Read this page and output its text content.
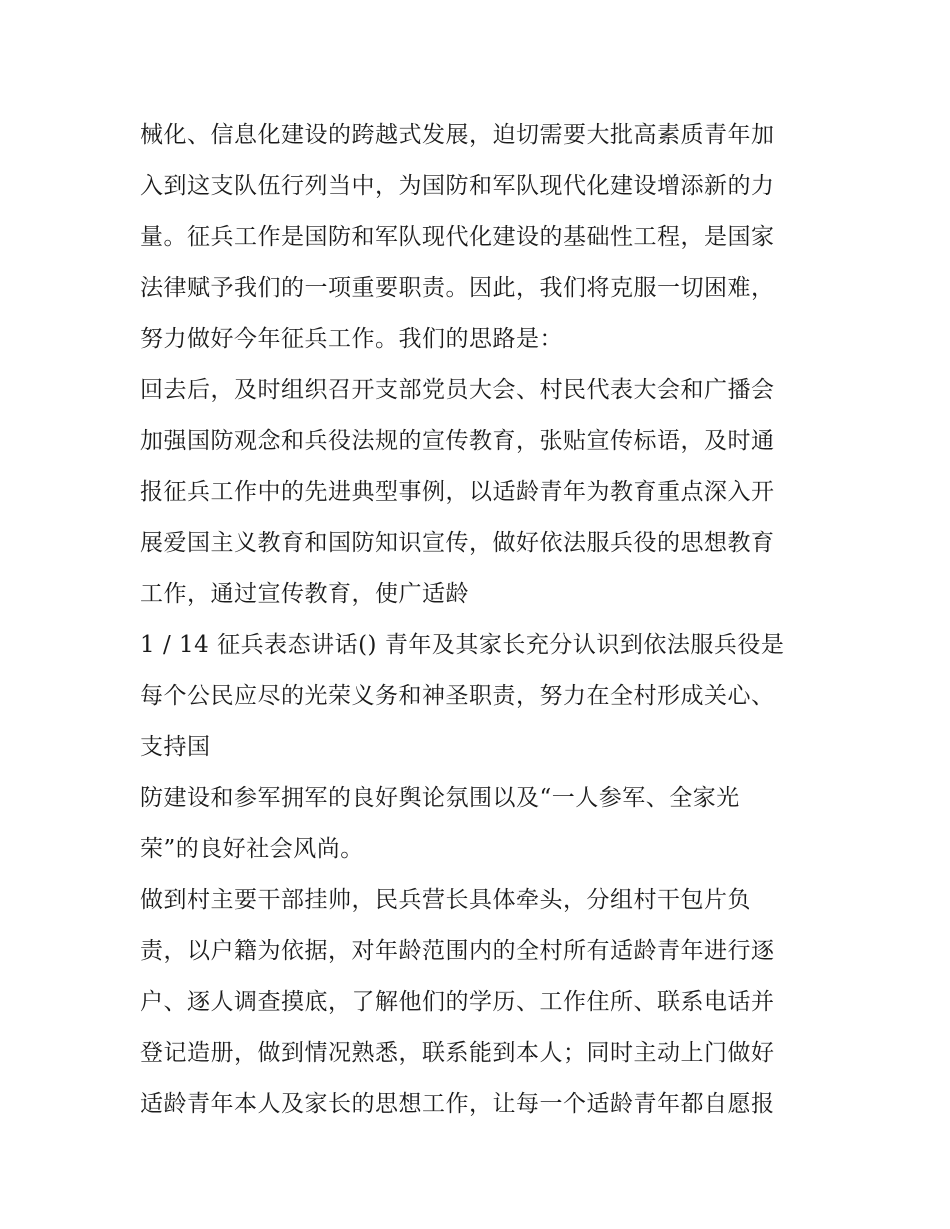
械化、信息化建设的跨越式发展，迫切需要大批高素质青年加
入到这支队伍行列当中，为国防和军队现代化建设增添新的力
量。征兵工作是国防和军队现代化建设的基础性工程，是国家
法律赋予我们的一项重要职责。因此，我们将克服一切困难，
努力做好今年征兵工作。我们的思路是：
回去后，及时组织召开支部党员大会、村民代表大会和广播会
加强国防观念和兵役法规的宣传教育，张贴宣传标语，及时通
报征兵工作中的先进典型事例，以适龄青年为教育重点深入开
展爱国主义教育和国防知识宣传，做好依法服兵役的思想教育
工作，通过宣传教育，使广适龄
1 / 14 征兵表态讲话() 青年及其家长充分认识到依法服兵役是
每个公民应尽的光荣义务和神圣职责，努力在全村形成关心、
支持国
防建设和参军拥军的良好舆论氛围以及“一人参军、全家光
荣”的良好社会风尚。
做到村主要干部挂帅，民兵营长具体牵头，分组村干包片负
责，以户籍为依据，对年龄范围内的全村所有适龄青年进行逐
户、逐人调查摸底，了解他们的学历、工作住所、联系电话并
登记造册，做到情况熟悉，联系能到本人；同时主动上门做好
适龄青年本人及家长的思想工作，让每一个适龄青年都自愿报
